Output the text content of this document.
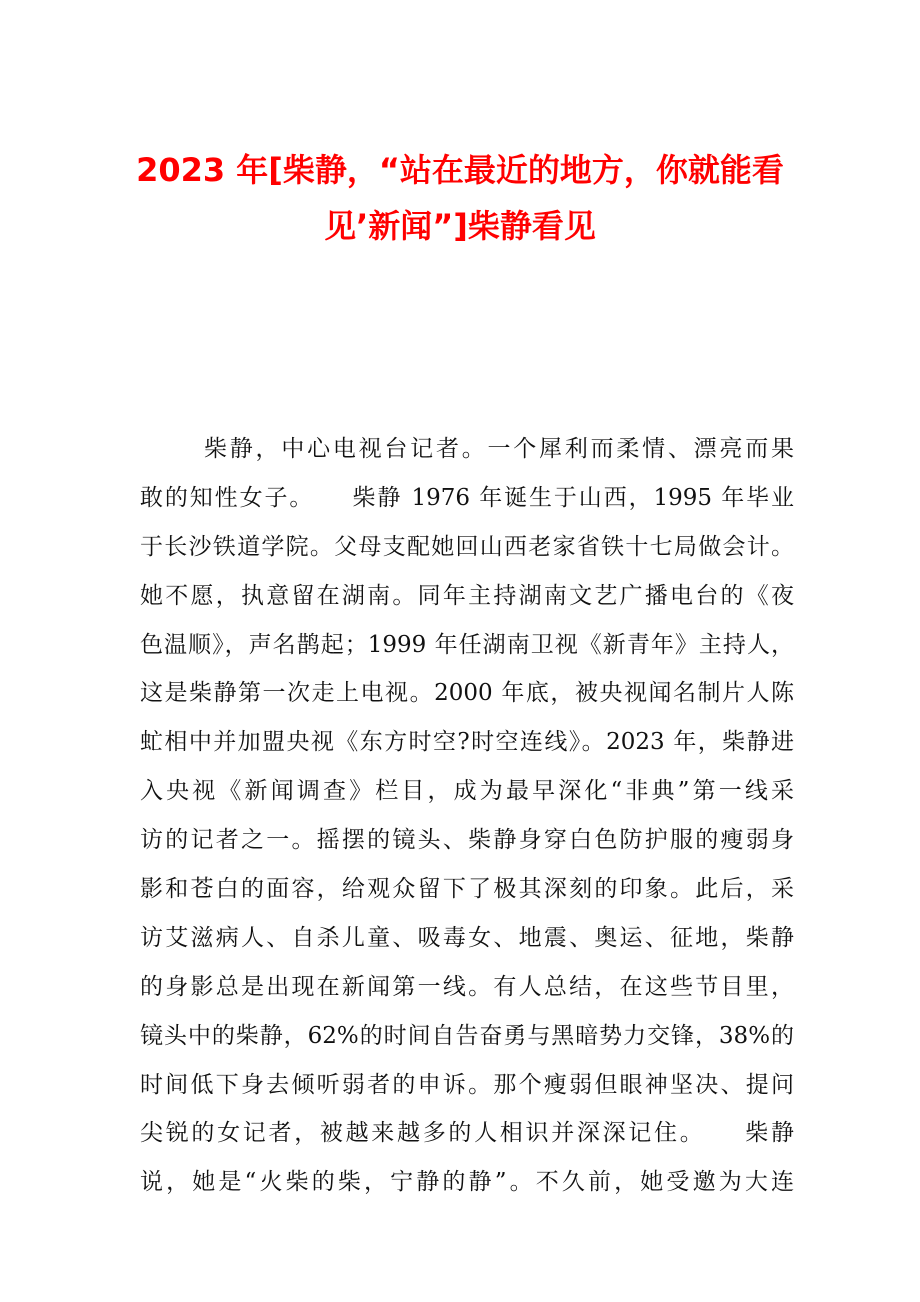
2023 年[柴静，“站在最近的地方，你就能看
见’新闻”]柴静看见
柴静，中心电视台记者。一个犀利而柔情、漂亮而果
敢的知性女子。　　柴静 1976 年诞生于山西，1995 年毕业
于长沙铁道学院。父母支配她回山西老家省铁十七局做会计。
她不愿，执意留在湖南。同年主持湖南文艺广播电台的《夜
色温顺》，声名鹊起；1999 年任湖南卫视《新青年》主持人，
这是柴静第一次走上电视。2000 年底，被央视闻名制片人陈
虻相中并加盟央视《东方时空?时空连线》。2023 年，柴静进
入央视《新闻调查》栏目，成为最早深化“非典”第一线采
访的记者之一。摇摆的镜头、柴静身穿白色防护服的瘦弱身
影和苍白的面容，给观众留下了极其深刻的印象。此后，采
访艾滋病人、自杀儿童、吸毒女、地震、奥运、征地，柴静
的身影总是出现在新闻第一线。有人总结，在这些节目里，
镜头中的柴静，62%的时间自告奋勇与黑暗势力交锋，38%的
时间低下身去倾听弱者的申诉。那个瘦弱但眼神坚决、提问
尖锐的女记者，被越来越多的人相识并深深记住。　　柴静
说，她是“火柴的柴，宁静的静”。不久前，她受邀为大连
